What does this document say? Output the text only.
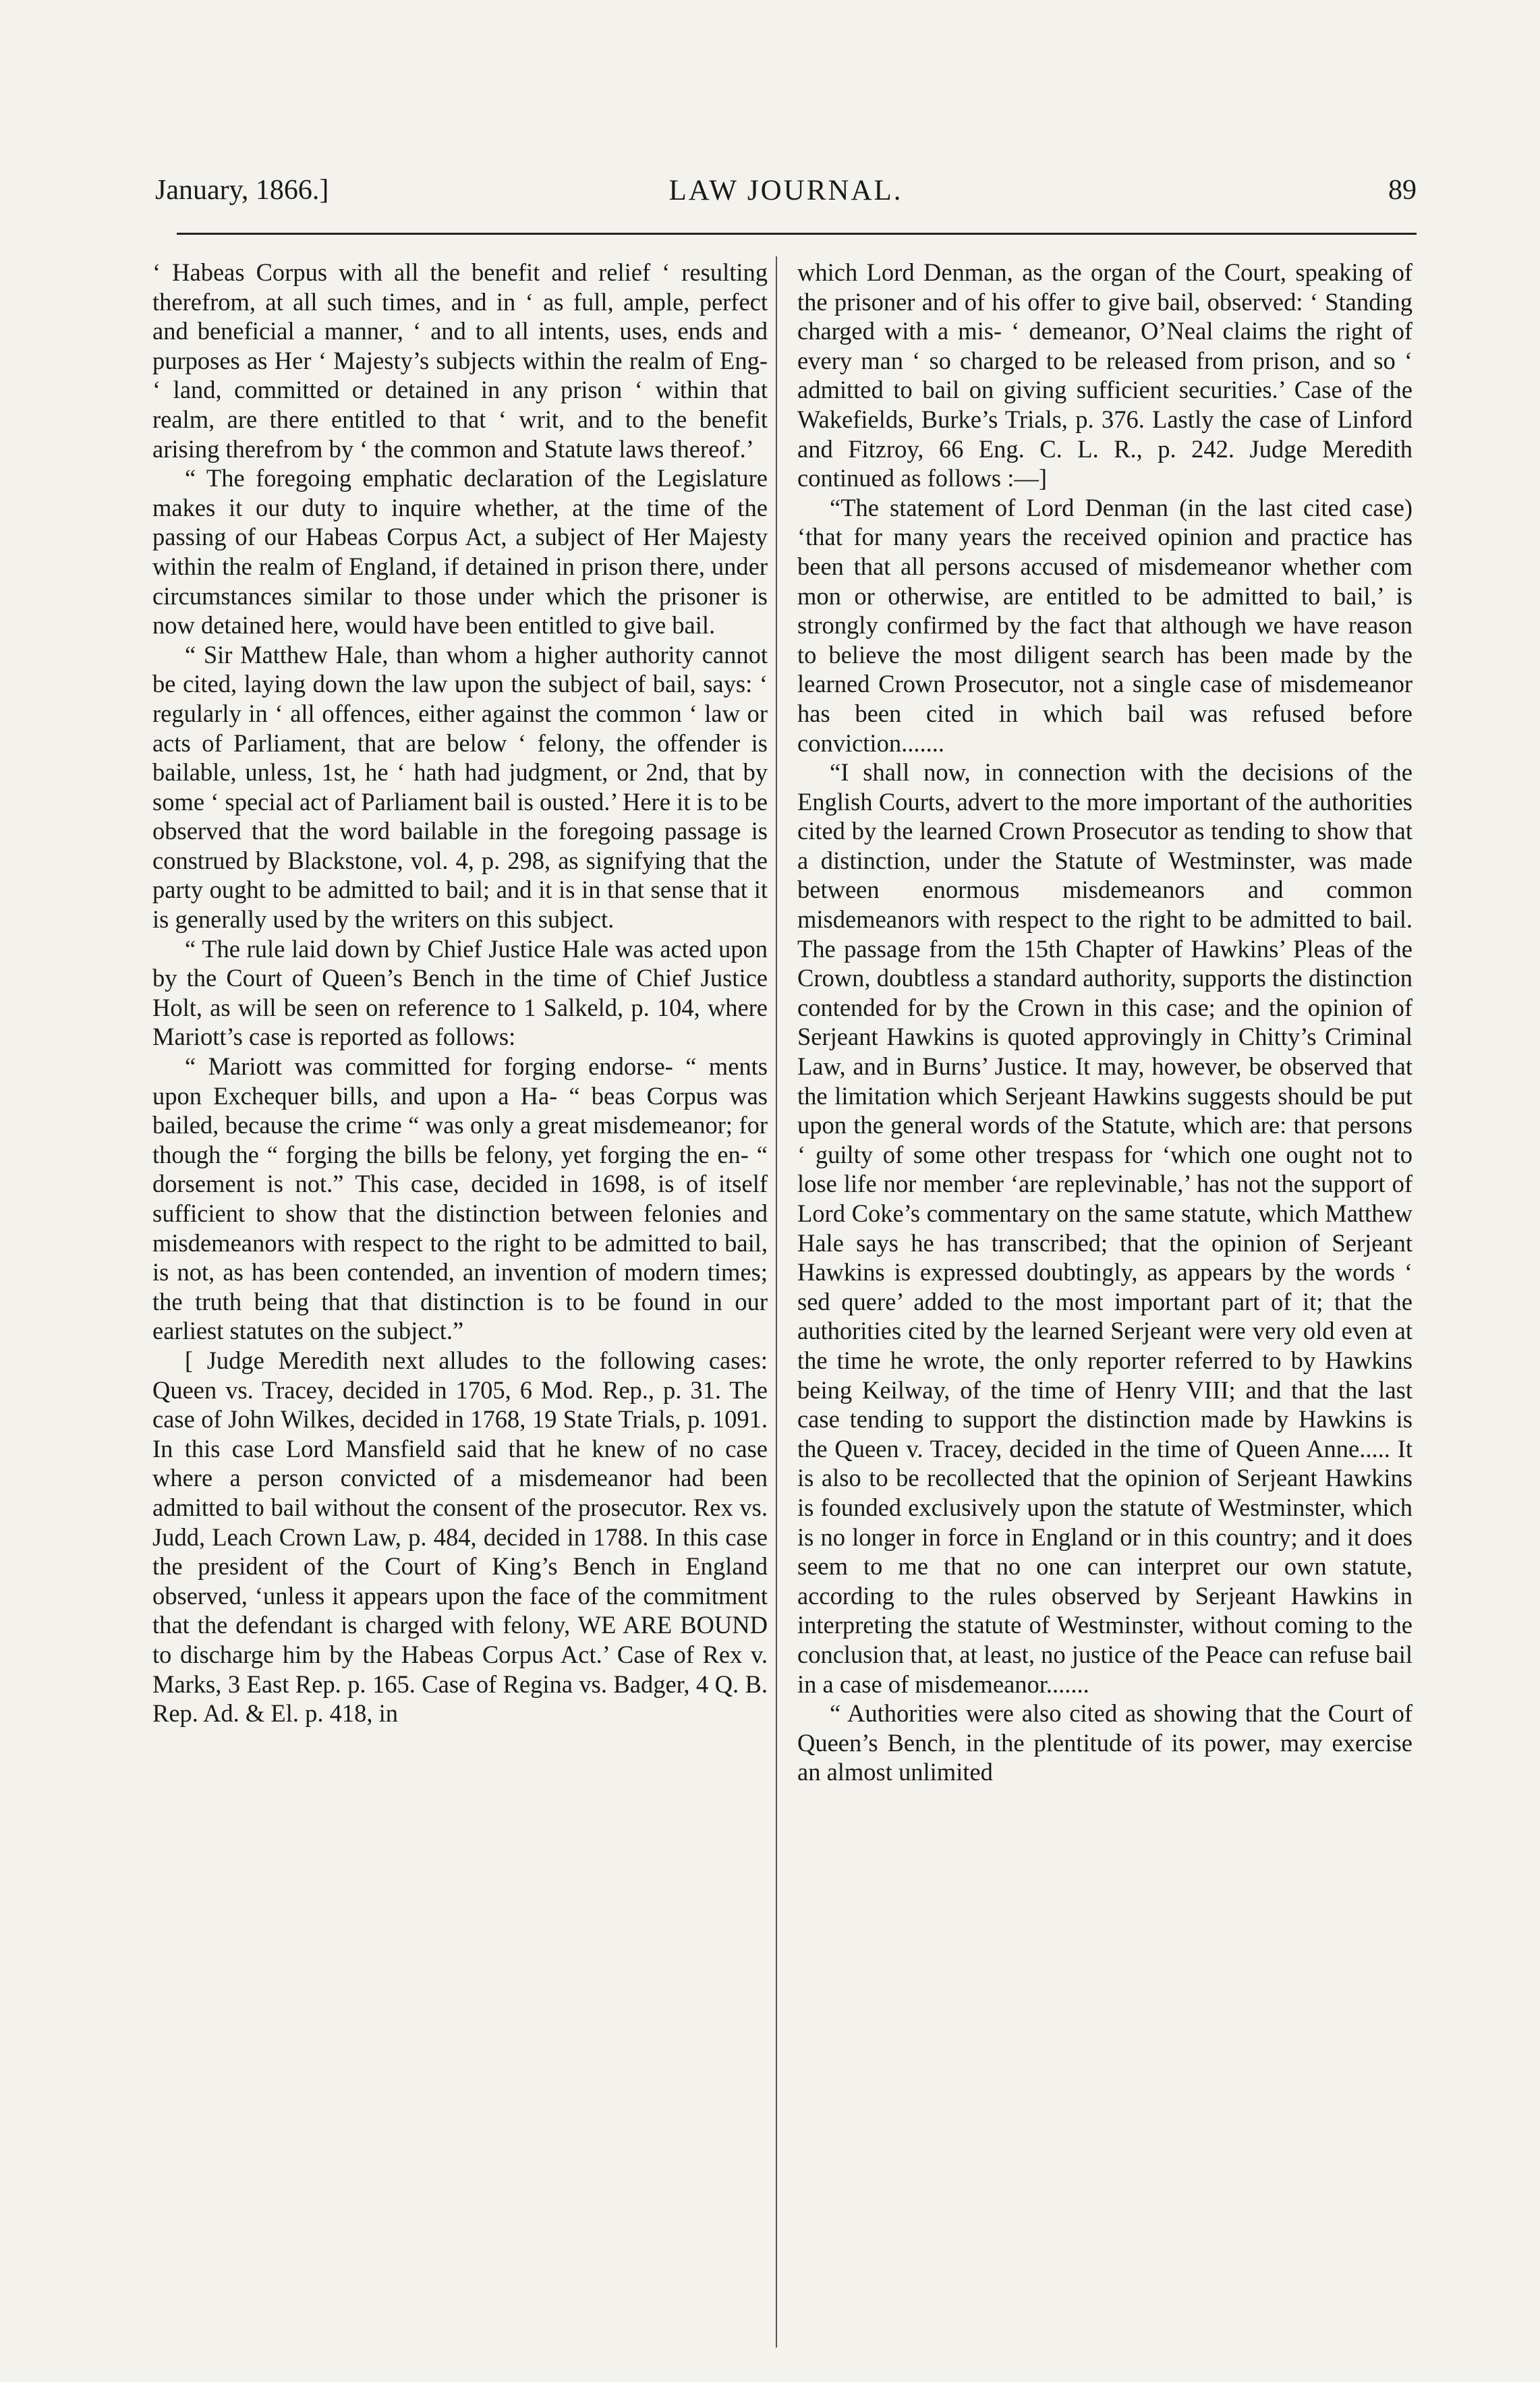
January, 1866.]	LAW JOURNAL.	89

‘ Habeas Corpus with all the benefit and relief ‘ resulting therefrom, at all such times, and in ‘ as full, ample, perfect and beneficial a manner, ‘ and to all intents, uses, ends and purposes as Her ‘ Majesty’s subjects within the realm of Eng- ‘ land, committed or detained in any prison ‘ within that realm, are there entitled to that ‘ writ, and to the benefit arising therefrom by ‘ the common and Statute laws thereof.’

“ The foregoing emphatic declaration of the Legislature makes it our duty to inquire whether, at the time of the passing of our Habeas Corpus Act, a subject of Her Majesty within the realm of England, if detained in prison there, under circumstances similar to those under which the prisoner is now detained here, would have been entitled to give bail.

“ Sir Matthew Hale, than whom a higher authority cannot be cited, laying down the law upon the subject of bail, says: ‘ regularly in ‘ all offences, either against the common ‘ law or acts of Parliament, that are below ‘ felony, the offender is bailable, unless, 1st, he ‘ hath had judgment, or 2nd, that by some ‘ special act of Parliament bail is ousted.’ Here it is to be observed that the word bailable in the foregoing passage is construed by Blackstone, vol. 4, p. 298, as signifying that the party ought to be admitted to bail; and it is in that sense that it is generally used by the writers on this subject.

“ The rule laid down by Chief Justice Hale was acted upon by the Court of Queen’s Bench in the time of Chief Justice Holt, as will be seen on reference to 1 Salkeld, p. 104, where Mariott’s case is reported as follows:

“ Mariott was committed for forging endorse- “ ments upon Exchequer bills, and upon a Ha- “ beas Corpus was bailed, because the crime “ was only a great misdemeanor; for though the “ forging the bills be felony, yet forging the en- “ dorsement is not.” This case, decided in 1698, is of itself sufficient to show that the distinction between felonies and misdemeanors with respect to the right to be admitted to bail, is not, as has been contended, an invention of modern times; the truth being that that distinction is to be found in our earliest statutes on the subject.”

[ Judge Meredith next alludes to the following cases: Queen vs. Tracey, decided in 1705, 6 Mod. Rep., p. 31. The case of John Wilkes, decided in 1768, 19 State Trials, p. 1091. In this case Lord Mansfield said that he knew of no case where a person convicted of a misdemeanor had been admitted to bail without the consent of the prosecutor. Rex vs. Judd, Leach Crown Law, p. 484, decided in 1788. In this case the president of the Court of King’s Bench in England observed, ‘unless it appears upon the face of the commitment that the defendant is charged with felony, WE ARE BOUND to discharge him by the Habeas Corpus Act.’ Case of Rex v. Marks, 3 East Rep. p. 165. Case of Regina vs. Badger, 4 Q. B. Rep. Ad. & El. p. 418, in

which Lord Denman, as the organ of the Court, speaking of the prisoner and of his offer to give bail, observed: ‘ Standing charged with a mis- ‘ demeanor, O’Neal claims the right of every man ‘ so charged to be released from prison, and so ‘ admitted to bail on giving sufficient securities.’ Case of the Wakefields, Burke’s Trials, p. 376. Lastly the case of Linford and Fitzroy, 66 Eng. C. L. R., p. 242. Judge Meredith continued as follows :—]

“The statement of Lord Denman (in the last cited case) ‘that for many years the received opinion and practice has been that all persons accused of misdemeanor whether com mon or otherwise, are entitled to be admitted to bail,’ is strongly confirmed by the fact that although we have reason to believe the most diligent search has been made by the learned Crown Prosecutor, not a single case of misdemeanor has been cited in which bail was refused before conviction.......

“I shall now, in connection with the decisions of the English Courts, advert to the more important of the authorities cited by the learned Crown Prosecutor as tending to show that a distinction, under the Statute of Westminster, was made between enormous misdemeanors and common misdemeanors with respect to the right to be admitted to bail. The passage from the 15th Chapter of Hawkins’ Pleas of the Crown, doubtless a standard authority, supports the distinction contended for by the Crown in this case; and the opinion of Serjeant Hawkins is quoted approvingly in Chitty’s Criminal Law, and in Burns’ Justice. It may, however, be observed that the limitation which Serjeant Hawkins suggests should be put upon the general words of the Statute, which are: that persons ‘ guilty of some other trespass for ‘which one ought not to lose life nor member ‘are replevinable,’ has not the support of Lord Coke’s commentary on the same statute, which Matthew Hale says he has transcribed; that the opinion of Serjeant Hawkins is expressed doubtingly, as appears by the words ‘ sed quere’ added to the most important part of it; that the authorities cited by the learned Serjeant were very old even at the time he wrote, the only reporter referred to by Hawkins being Keilway, of the time of Henry VIII; and that the last case tending to support the distinction made by Hawkins is the Queen v. Tracey, decided in the time of Queen Anne..... It is also to be recollected that the opinion of Serjeant Hawkins is founded exclusively upon the statute of Westminster, which is no longer in force in England or in this country; and it does seem to me that no one can interpret our own statute, according to the rules observed by Serjeant Hawkins in interpreting the statute of Westminster, without coming to the conclusion that, at least, no justice of the Peace can refuse bail in a case of misdemeanor.......

“ Authorities were also cited as showing that the Court of Queen’s Bench, in the plentitude of its power, may exercise an almost unlimited
